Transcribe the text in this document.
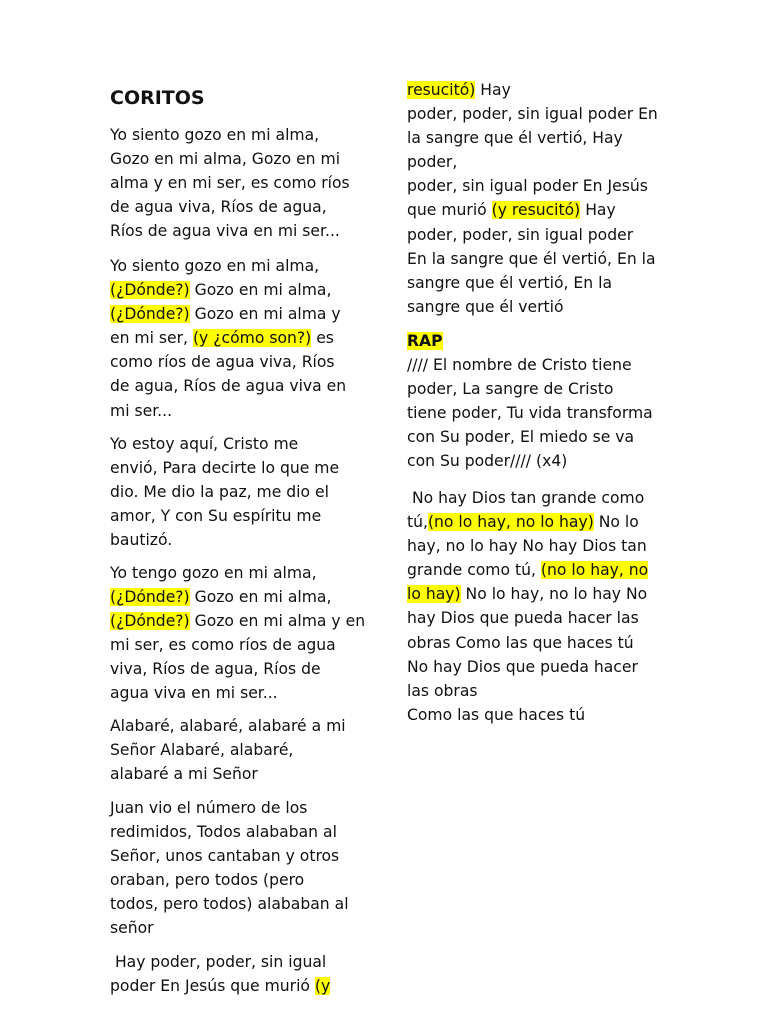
CORITOS
Yo siento gozo en mi alma,
Gozo en mi alma, Gozo en mi
alma y en mi ser, es como ríos
de agua viva, Ríos de agua,
Ríos de agua viva en mi ser...
Yo siento gozo en mi alma,
(¿Dónde?) Gozo en mi alma,
(¿Dónde?) Gozo en mi alma y
en mi ser, (y ¿cómo son?) es
como ríos de agua viva, Ríos
de agua, Ríos de agua viva en
mi ser...
Yo estoy aquí, Cristo me
envió, Para decirte lo que me
dio. Me dio la paz, me dio el
amor, Y con Su espíritu me
bautizó.
Yo tengo gozo en mi alma,
(¿Dónde?) Gozo en mi alma,
(¿Dónde?) Gozo en mi alma y en
mi ser, es como ríos de agua
viva, Ríos de agua, Ríos de
agua viva en mi ser...
Alabaré, alabaré, alabaré a mi
Señor Alabaré, alabaré,
alabaré a mi Señor
Juan vio el número de los
redimidos, Todos alababan al
Señor, unos cantaban y otros
oraban, pero todos (pero
todos, pero todos) alababan al
señor
Hay poder, poder, sin igual
poder En Jesús que murió (y
resucitó) Hay
poder, poder, sin igual poder En
la sangre que él vertió, Hay
poder,
poder, sin igual poder En Jesús
que murió (y resucitó) Hay
poder, poder, sin igual poder
En la sangre que él vertió, En la
sangre que él vertió, En la
sangre que él vertió
RAP
//// El nombre de Cristo tiene
poder, La sangre de Cristo
tiene poder, Tu vida transforma
con Su poder, El miedo se va
con Su poder//// (x4)
No hay Dios tan grande como
tú,(no lo hay, no lo hay) No lo
hay, no lo hay No hay Dios tan
grande como tú, (no lo hay, no
lo hay) No lo hay, no lo hay No
hay Dios que pueda hacer las
obras Como las que haces tú
No hay Dios que pueda hacer
las obras
Como las que haces tú
